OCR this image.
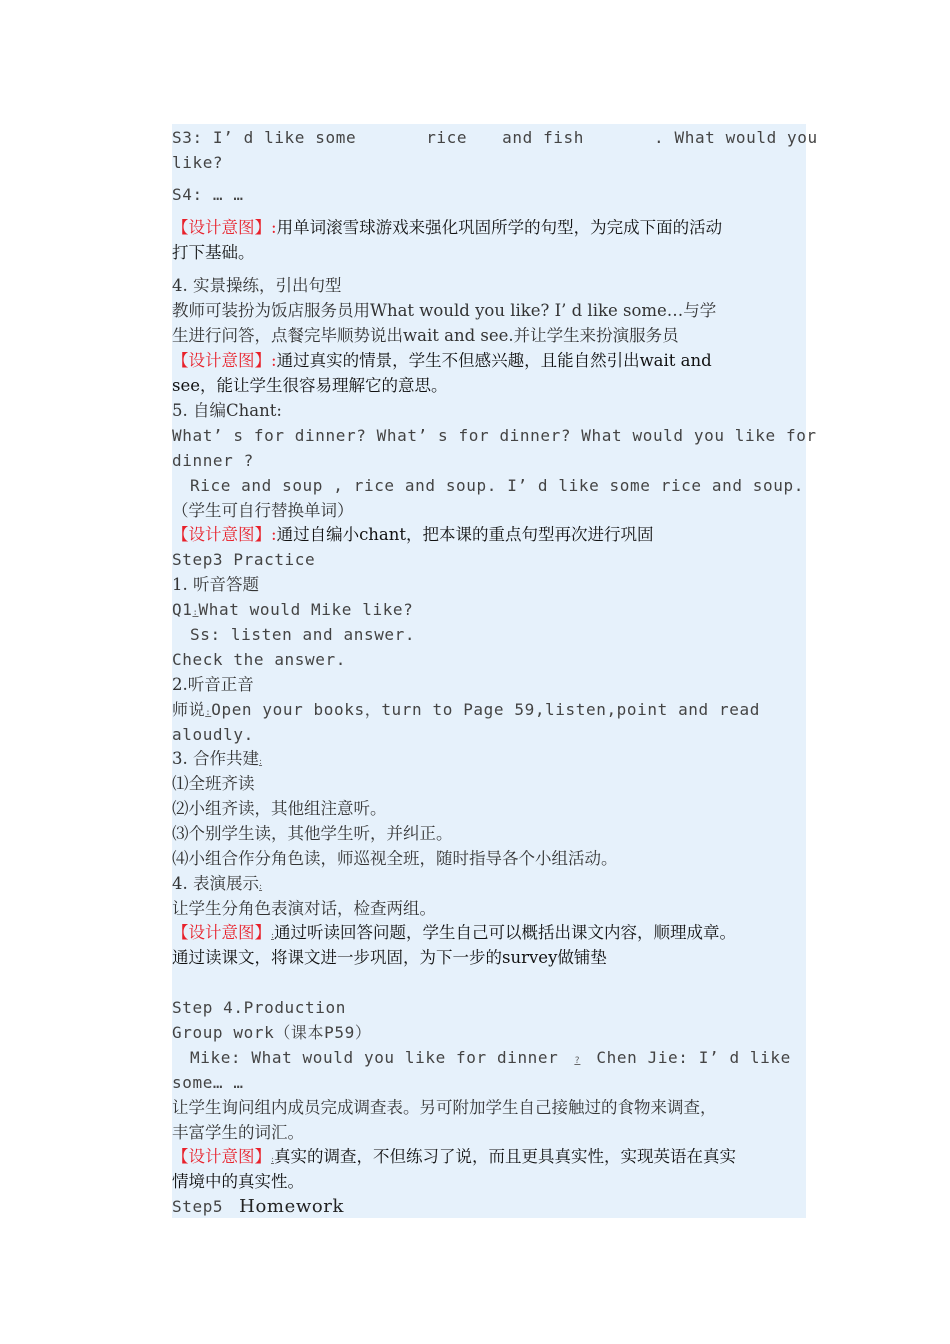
S3: I’ d like some	rice and fish	. What would you
like?
S4: … …
【设计意图】:用单词滚雪球游戏来强化巩固所学的句型，为完成下面的活动
打下基础。
4. 实景操练，引出句型
教师可装扮为饭店服务员用What would you like? I’ d like some…与学
生进行问答，点餐完毕顺势说出wait and see.并让学生来扮演服务员
【设计意图】:通过真实的情景，学生不但感兴趣，且能自然引出wait and
see，能让学生很容易理解它的意思。
5. 自编Chant:
What’ s for dinner? What’ s for dinner? What would you like for
dinner ?
Rice and soup , rice and soup. I’ d like some rice and soup.
（学生可自行替换单词）
【设计意图】:通过自编小chant，把本课的重点句型再次进行巩固
Step3 Practice
1. 听音答题
Q1:What would Mike like?
Ss: listen and answer.
Check the answer.
2.听音正音
师说:Open your books，turn to Page 59,listen,point and read
aloudly.
3. 合作共建:
⑴全班齐读
⑵小组齐读，其他组注意听。
⑶个别学生读，其他学生听，并纠正。
⑷小组合作分角色读，师巡视全班，随时指导各个小组活动。
4. 表演展示:
让学生分角色表演对话，检查两组。
【设计意图】:通过听读回答问题，学生自己可以概括出课文内容，顺理成章。
通过读课文，将课文进一步巩固，为下一步的survey做铺垫
Step 4.Production
Group work（课本P59）
Mike: What would you like for dinner ? Chen Jie: I’ d like
some… …
让学生询问组内成员完成调查表。另可附加学生自己接触过的食物来调查，
丰富学生的词汇。
【设计意图】:真实的调查，不但练习了说，而且更具真实性，实现英语在真实
情境中的真实性。
Step5 Homework
